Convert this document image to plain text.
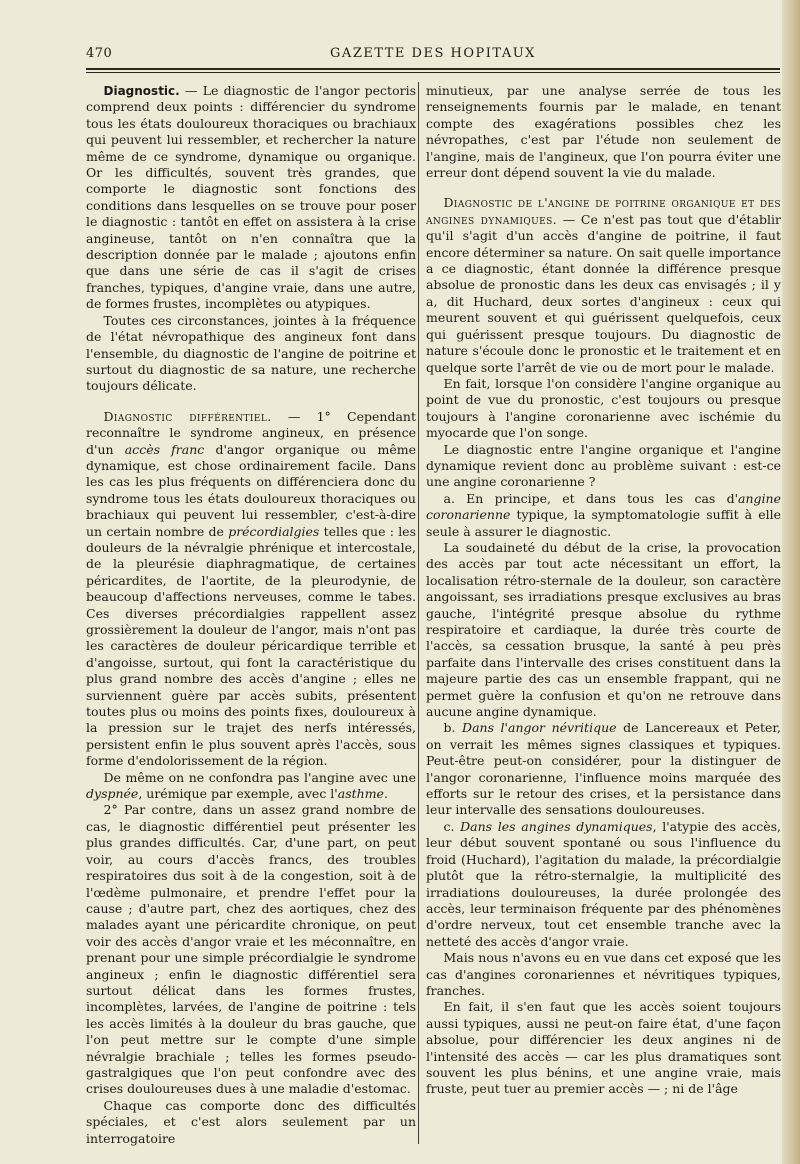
470	GAZETTE DES HOPITAUX

Diagnostic. — Le diagnostic de l'angor pectoris comprend deux points : différencier du syndrome tous les états douloureux thoraciques ou brachiaux qui peuvent lui ressembler, et rechercher la nature même de ce syndrome, dynamique ou organique. Or les difficultés, souvent très grandes, que comporte le diagnostic sont fonctions des conditions dans lesquelles on se trouve pour poser le diagnostic : tantôt en effet on assistera à la crise angineuse, tantôt on n'en connaîtra que la description donnée par le malade ; ajoutons enfin que dans une série de cas il s'agit de crises franches, typiques, d'angine vraie, dans une autre, de formes frustes, incomplètes ou atypiques.

Toutes ces circonstances, jointes à la fréquence de l'état névropathique des angineux font dans l'ensemble, du diagnostic de l'angine de poitrine et surtout du diagnostic de sa nature, une recherche toujours délicate.

Diagnostic différentiel. — 1° Cependant reconnaître le syndrome angineux, en présence d'un accès franc d'angor organique ou même dynamique, est chose ordinairement facile. Dans les cas les plus fréquents on différenciera donc du syndrome tous les états douloureux thoraciques ou brachiaux qui peuvent lui ressembler, c'est-à-dire un certain nombre de précordialgies telles que : les douleurs de la névralgie phrénique et intercostale, de la pleurésie diaphragmatique, de certaines péricardites, de l'aortite, de la pleurodynie, de beaucoup d'affections nerveuses, comme le tabes. Ces diverses précordialgies rappellent assez grossièrement la douleur de l'angor, mais n'ont pas les caractères de douleur péricardique terrible et d'angoisse, surtout, qui font la caractéristique du plus grand nombre des accès d'angine ; elles ne surviennent guère par accès subits, présentent toutes plus ou moins des points fixes, douloureux à la pression sur le trajet des nerfs intéressés, persistent enfin le plus souvent après l'accès, sous forme d'endolorissement de la région.

De même on ne confondra pas l'angine avec une dyspnée, urémique par exemple, avec l'asthme.

2° Par contre, dans un assez grand nombre de cas, le diagnostic différentiel peut présenter les plus grandes difficultés. Car, d'une part, on peut voir, au cours d'accès francs, des troubles respiratoires dus soit à de la congestion, soit à de l'œdème pulmonaire, et prendre l'effet pour la cause ; d'autre part, chez des aortiques, chez des malades ayant une péricardite chronique, on peut voir des accès d'angor vraie et les méconnaître, en prenant pour une simple précordialgie le syndrome angineux ; enfin le diagnostic différentiel sera surtout délicat dans les formes frustes, incomplètes, larvées, de l'angine de poitrine : tels les accès limités à la douleur du bras gauche, que l'on peut mettre sur le compte d'une simple névralgie brachiale ; telles les formes pseudo-gastralgiques que l'on peut confondre avec des crises douloureuses dues à une maladie d'estomac.

Chaque cas comporte donc des difficultés spéciales, et c'est alors seulement par un interrogatoire

minutieux, par une analyse serrée de tous les renseignements fournis par le malade, en tenant compte des exagérations possibles chez les névropathes, c'est par l'étude non seulement de l'angine, mais de l'angineux, que l'on pourra éviter une erreur dont dépend souvent la vie du malade.

Diagnostic de l'angine de poitrine organique et des angines dynamiques. — Ce n'est pas tout que d'établir qu'il s'agit d'un accès d'angine de poitrine, il faut encore déterminer sa nature. On sait quelle importance a ce diagnostic, étant donnée la différence presque absolue de pronostic dans les deux cas envisagés ; il y a, dit Huchard, deux sortes d'angineux : ceux qui meurent souvent et qui guérissent quelquefois, ceux qui guérissent presque toujours. Du diagnostic de nature s'écoule donc le pronostic et le traitement et en quelque sorte l'arrêt de vie ou de mort pour le malade.

En fait, lorsque l'on considère l'angine organique au point de vue du pronostic, c'est toujours ou presque toujours à l'angine coronarienne avec ischémie du myocarde que l'on songe.

Le diagnostic entre l'angine organique et l'angine dynamique revient donc au problème suivant : est-ce une angine coronarienne ?

a. En principe, et dans tous les cas d'angine coronarienne typique, la symptomatologie suffit à elle seule à assurer le diagnostic.

La soudaineté du début de la crise, la provocation des accès par tout acte nécessitant un effort, la localisation rétro-sternale de la douleur, son caractère angoissant, ses irradiations presque exclusives au bras gauche, l'intégrité presque absolue du rythme respiratoire et cardiaque, la durée très courte de l'accès, sa cessation brusque, la santé à peu près parfaite dans l'intervalle des crises constituent dans la majeure partie des cas un ensemble frappant, qui ne permet guère la confusion et qu'on ne retrouve dans aucune angine dynamique.

b. Dans l'angor névritique de Lancereaux et Peter, on verrait les mêmes signes classiques et typiques. Peut-être peut-on considérer, pour la distinguer de l'angor coronarienne, l'influence moins marquée des efforts sur le retour des crises, et la persistance dans leur intervalle des sensations douloureuses.

c. Dans les angines dynamiques, l'atypie des accès, leur début souvent spontané ou sous l'influence du froid (Huchard), l'agitation du malade, la précordialgie plutôt que la rétro-sternalgie, la multiplicité des irradiations douloureuses, la durée prolongée des accès, leur terminaison fréquente par des phénomènes d'ordre nerveux, tout cet ensemble tranche avec la netteté des accès d'angor vraie.

Mais nous n'avons eu en vue dans cet exposé que les cas d'angines coronariennes et névritiques typiques, franches.

En fait, il s'en faut que les accès soient toujours aussi typiques, aussi ne peut-on faire état, d'une façon absolue, pour différencier les deux angines ni de l'intensité des accès — car les plus dramatiques sont souvent les plus bénins, et une angine vraie, mais fruste, peut tuer au premier accès — ; ni de l'âge
